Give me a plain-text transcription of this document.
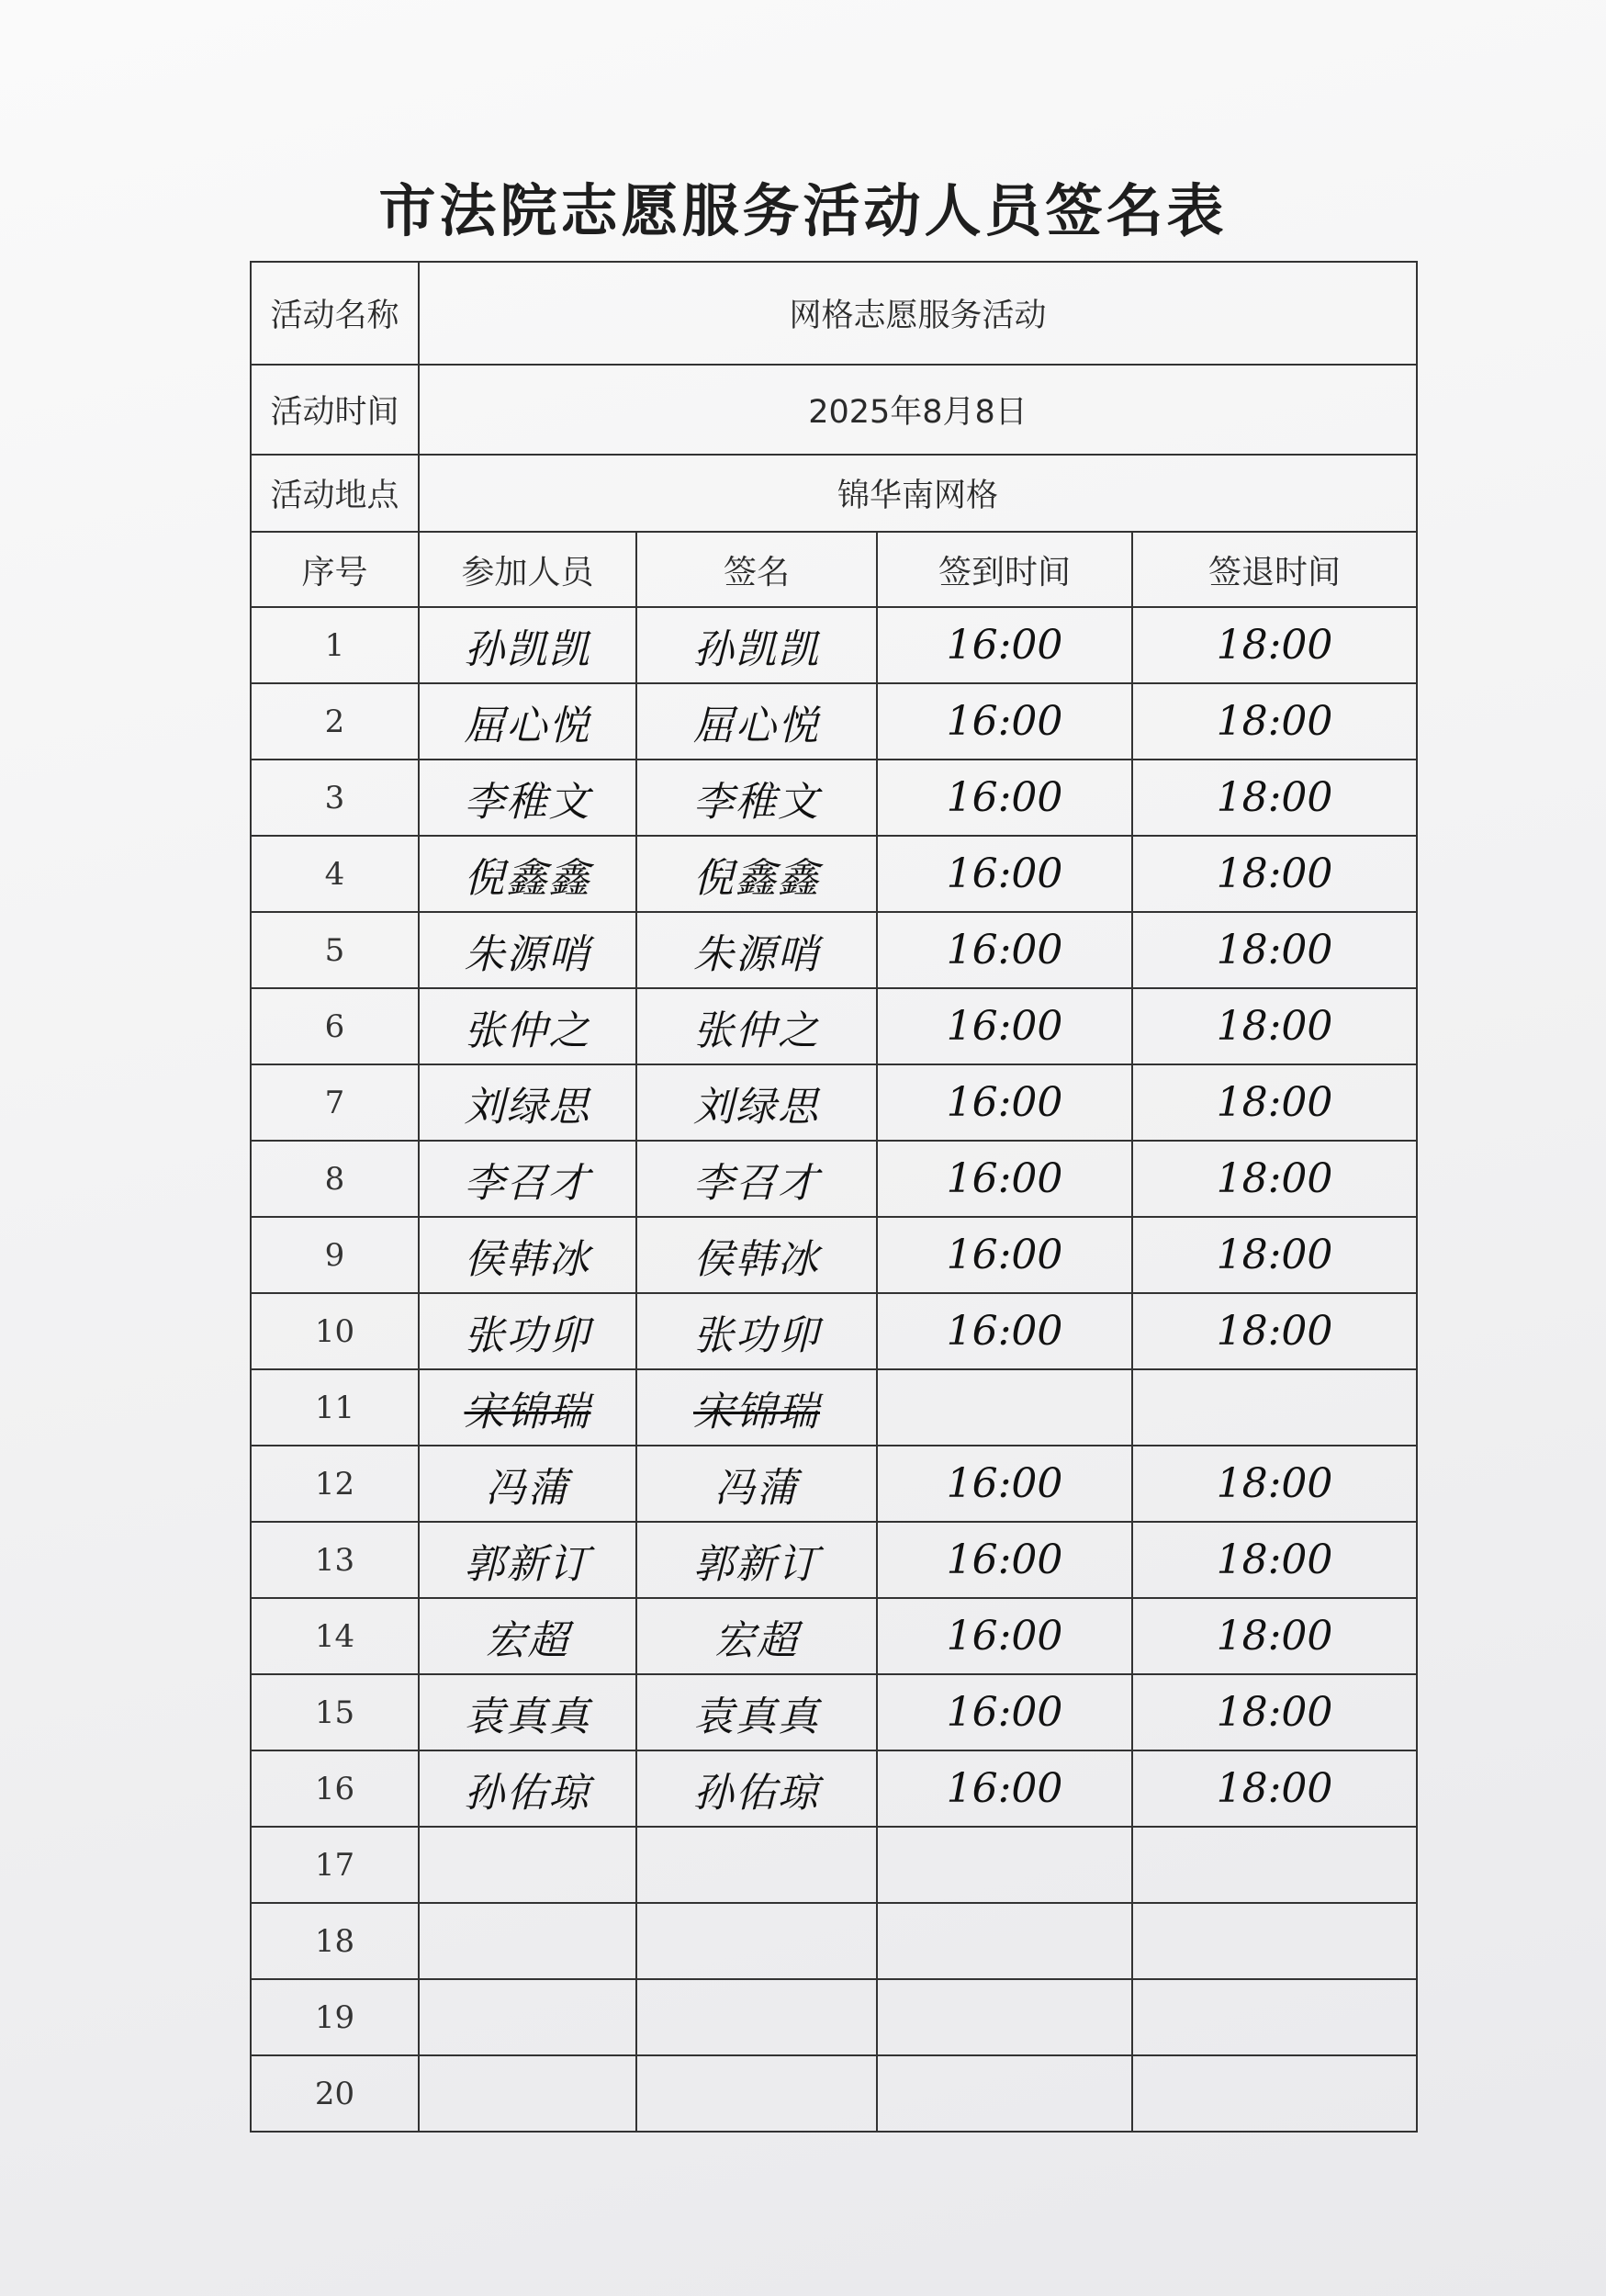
市法院志愿服务活动人员签名表
活动名称	网格志愿服务活动			
活动时间	2025年8月8日			
活动地点	锦华南网格			
序号	参加人员	签名	签到时间	签退时间
1	孙凯凯	孙凯凯	16:00	18:00
2	屈心悦	屈心悦	16:00	18:00
3	李稚文	李稚文	16:00	18:00
4	倪鑫鑫	倪鑫鑫	16:00	18:00
5	朱源哨	朱源哨	16:00	18:00
6	张仲之	张仲之	16:00	18:00
7	刘绿思	刘绿思	16:00	18:00
8	李召才	李召才	16:00	18:00
9	侯韩冰	侯韩冰	16:00	18:00
10	张功卯	张功卯	16:00	18:00
11	宋锦瑞	宋锦瑞		
12	冯蒲	冯蒲	16:00	18:00
13	郭新订	郭新订	16:00	18:00
14	宏超	宏超	16:00	18:00
15	袁真真	袁真真	16:00	18:00
16	孙佑琼	孙佑琼	16:00	18:00
17				
18				
19				
20				
